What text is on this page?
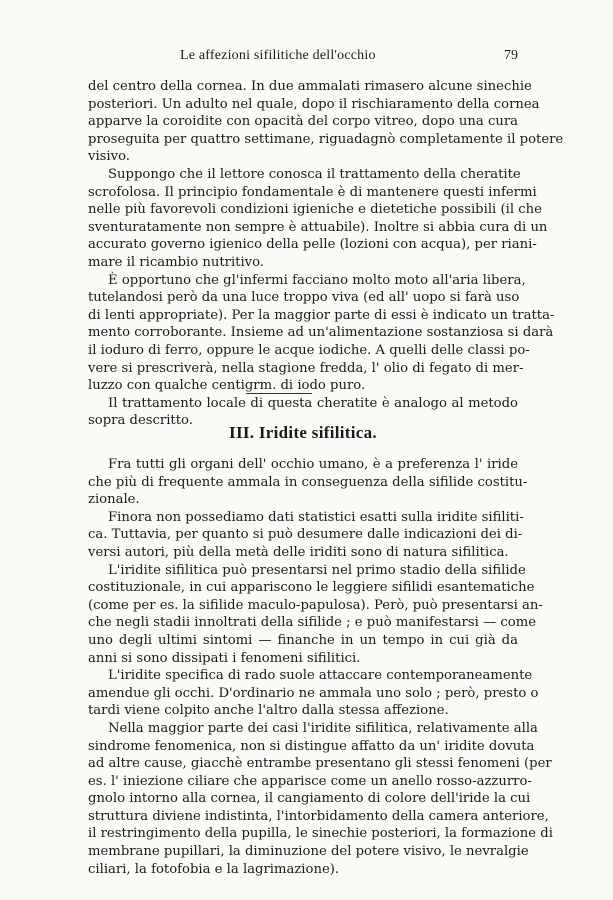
Le affezioni sifilitiche dell'occhio	79
del centro della cornea. In due ammalati rimasero alcune sinechie
posteriori. Un adulto nel quale, dopo il rischiaramento della cornea
apparve la coroidite con opacità del corpo vitreo, dopo una cura
proseguita per quattro settimane, riguadagnò completamente il potere
visivo.
Suppongo che il lettore conosca il trattamento della cheratite
scrofolosa. Il principio fondamentale è di mantenere questi infermi
nelle più favorevoli condizioni igieniche e dietetiche possibili (il che
sventuratamente non sempre è attuabile). Inoltre si abbia cura di un
accurato governo igienico della pelle (lozioni con acqua), per riani-
mare il ricambio nutritivo.
È opportuno che gl'infermi facciano molto moto all'aria libera,
tutelandosi però da una luce troppo viva (ed all' uopo si farà uso
di lenti appropriate). Per la maggior parte di essi è indicato un tratta-
mento corroborante. Insieme ad un'alimentazione sostanziosa si darà
il ioduro di ferro, oppure le acque iodiche. A quelli delle classi po-
vere si prescriverà, nella stagione fredda, l' olio di fegato di mer-
luzzo con qualche centigrm. di iodo puro.
Il trattamento locale di questa cheratite è analogo al metodo
sopra descritto.
III. Iridite sifilitica.
Fra tutti gli organi dell' occhio umano, è a preferenza l' iride
che più di frequente ammala in conseguenza della sifilide costitu-
zionale.
Finora non possediamo dati statistici esatti sulla iridite sifiliti-
ca. Tuttavia, per quanto si può desumere dalle indicazioni dei di-
versi autori, più della metà delle iriditi sono di natura sifilitica.
L'iridite sifilitica può presentarsi nel primo stadio della sifilide
costituzionale, in cui appariscono le leggiere sifilidi esantematiche
(come per es. la sifilide maculo-papulosa). Però, può presentarsi an-
che negli stadii innoltrati della sifilide ; e può manifestarsi — come
uno degli ultimi sintomi — finanche in un tempo in cui già da
anni si sono dissipati i fenomeni sifilitici.
L'iridite specifica di rado suole attaccare contemporaneamente
amendue gli occhi. D'ordinario ne ammala uno solo ; però, presto o
tardi viene colpito anche l'altro dalla stessa affezione.
Nella maggior parte dei casi l'iridite sifilitica, relativamente alla
sindrome fenomenica, non si distingue affatto da un' iridite dovuta
ad altre cause, giacchè entrambe presentano gli stessi fenomeni (per
es. l' iniezione ciliare che apparisce come un anello rosso-azzurro-
gnolo intorno alla cornea, il cangiamento di colore dell'iride la cui
struttura diviene indistinta, l'intorbidamento della camera anteriore,
il restringimento della pupilla, le sinechie posteriori, la formazione di
membrane pupillari, la diminuzione del potere visivo, le nevralgie
ciliari, la fotofobia e la lagrimazione).
